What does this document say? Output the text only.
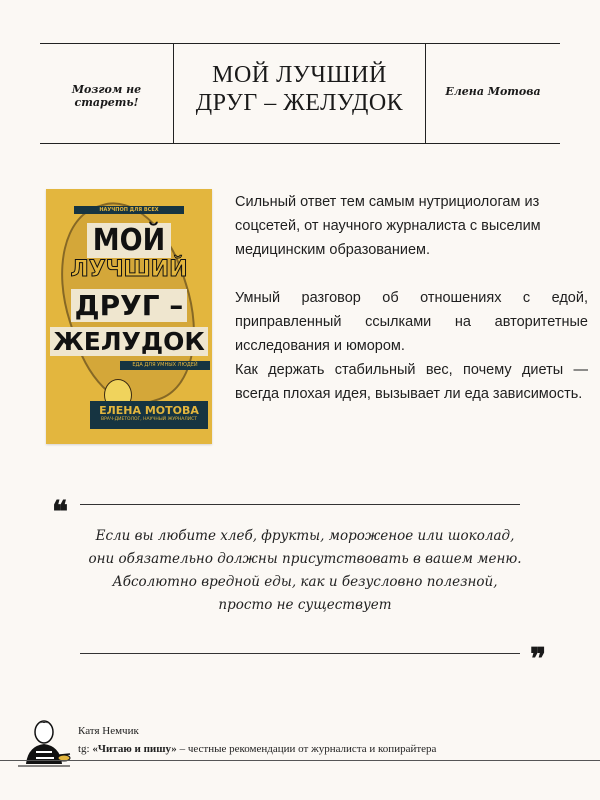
Мозгом не стареть!
МОЙ ЛУЧШИЙ
ДРУГ – ЖЕЛУДОК	Елена Мотова
НАУЧПОП ДЛЯ ВСЕХ
МОЙ
ЛУЧШИЙ
ДРУГ –
ЖЕЛУДОК
ЕДА ДЛЯ УМНЫХ ЛЮДЕЙ
ЕЛЕНА МОТОВА
ВРАЧ-ДИЕТОЛОГ, НАУЧНЫЙ ЖУРНАЛИСТ

Сильный ответ тем самым нутрициологам из соцсетей, от научного журналиста с выселим медицинским образованием.

Умный разговор об отношениях с едой, приправленный ссылками на авторитетные исследования и юмором.

Как держать стабильный вес, почему диеты — всегда плохая идея, вызывает ли еда зависимость.

❝
Если вы любите хлеб, фрукты, мороженое или шоколад,
они обязательно должны присутствовать в вашем меню.
Абсолютно вредной еды, как и безусловно полезной,
просто не существует
❞
Катя Немчик
tg: «Читаю и пишу» – честные рекомендации от журналиста и копирайтера
